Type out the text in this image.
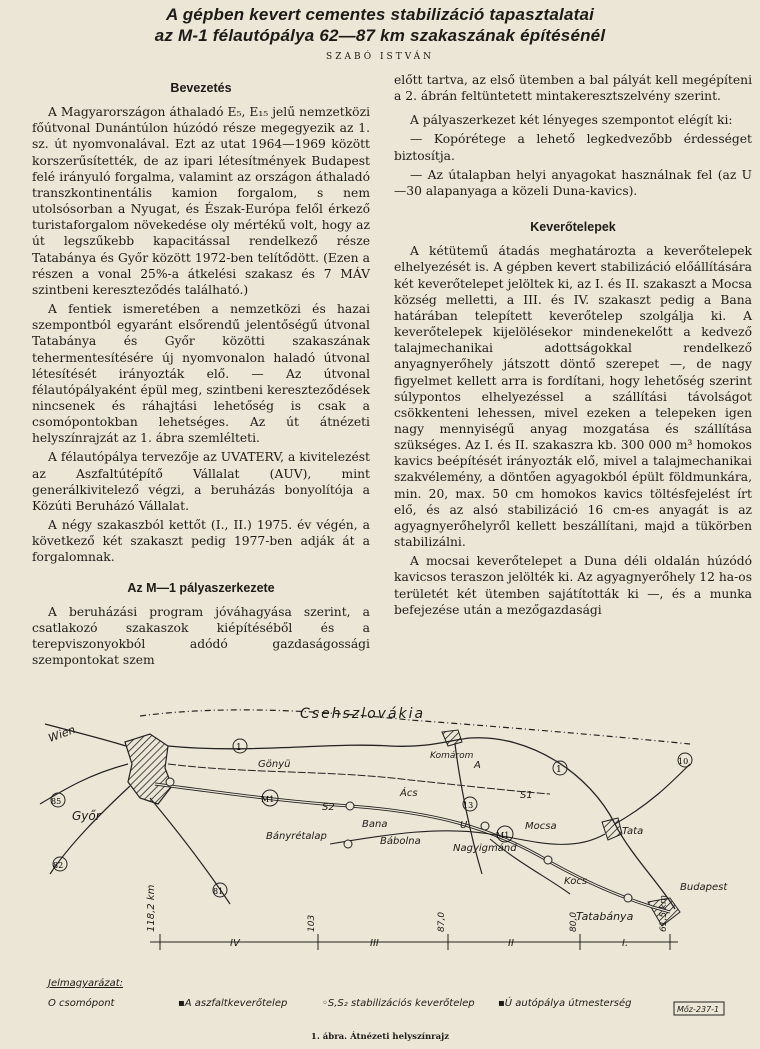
A gépben kevert cementes stabilizáció tapasztalatai
az M-1 félautópálya 62—87 km szakaszának építésénél
SZABÓ ISTVÁN
Bevezetés

A Magyarországon áthaladó E₅, E₁₅ jelű nemzetközi főútvonal Dunántúlon húzódó része megegyezik az 1. sz. út nyomvonalával. Ezt az utat 1964—1969 között korszerűsítették, de az ipari létesítmények Budapest felé irányuló forgalma, valamint az országon áthaladó transzkontinentális kamion forgalom, s nem utolsósorban a Nyugat, és Észak-Európa felől érkező turistaforgalom növekedése oly mértékű volt, hogy az út legszűkebb kapacitással rendelkező része Tatabánya és Győr között 1972-ben telítődött. (Ezen a részen a vonal 25%-a átkelési szakasz és 7 MÁV szintbeni kereszteződés található.)

A fentiek ismeretében a nemzetközi és hazai szempontból egyaránt elsőrendű jelentőségű útvonal Tatabánya és Győr közötti szakaszának tehermentesítésére új nyomvonalon haladó útvonal létesítését irányozták elő. — Az útvonal félautópályaként épül meg, szintbeni kereszteződések nincsenek és ráhajtási lehetőség is csak a csomópontokban lehetséges. Az út átnézeti helyszínrajzát az 1. ábra szemlélteti.

A félautópálya tervezője az UVATERV, a kivitelezést az Aszfaltútépítő Vállalat (AUV), mint generálkivitelező végzi, a beruházás bonyolítója a Közúti Beruházó Vállalat.

A négy szakaszból kettőt (I., II.) 1975. év végén, a következő két szakaszt pedig 1977-ben adják át a forgalomnak.

Az M—1 pályaszerkezete

A beruházási program jóváhagyása szerint, a csatlakozó szakaszok kiépítéséből és a terepviszonyokból adódó gazdaságossági szempontokat szem

előtt tartva, az első ütemben a bal pályát kell megépíteni a 2. ábrán feltüntetett mintakeresztszelvény szerint.

A pályaszerkezet két lényeges szempontot elégít ki:

— Kopórétege a lehető legkedvezőbb érdességet biztosítja.

— Az útalapban helyi anyagokat használnak fel (az U—30 alapanyaga a közeli Duna-kavics).

Keverőtelepek

A kétütemű átadás meghatározta a keverőtelepek elhelyezését is. A gépben kevert stabilizáció előállítására két keverőtelepet jelöltek ki, az I. és II. szakaszt a Mocsa község melletti, a III. és IV. szakaszt pedig a Bana határában telepített keverőtelep szolgálja ki. A keverőtelepek kijelölésekor mindenekelőtt a kedvező talajmechanikai adottságokkal rendelkező anyagnyerőhely játszott döntő szerepet —, de nagy figyelmet kellett arra is fordítani, hogy lehetőség szerint súlypontos elhelyezéssel a szállítási távolságot csökkenteni lehessen, mivel ezeken a telepeken igen nagy mennyiségű anyag mozgatása és szállítása szükséges. Az I. és II. szakaszra kb. 300 000 m³ homokos kavics beépítését irányozták elő, mivel a talajmechanikai szakvélemény, a döntően agyagokból épült földmunkára, min. 20, max. 50 cm homokos kavics töltésfejelést írt elő, és az alsó stabilizáció 16 cm-es anyagát is az agyagnyerőhelyről kellett beszállítani, majd a tükörben stabilizálni.

A mocsai keverőtelepet a Duna déli oldalán húzódó kavicsos teraszon jelölték ki. Az agyagnyerőhely 12 ha-os területét két ütemben sajátították ki —, és a munka befejezése után a mezőgazdasági

Csehszlovákia
1
1
10
13
81
82
85	M1
M1
Wien
Győr
Gönyü
Ács
Komárom
A
S2
Bana
Bányrétalap	Bábolna
U
Nagyigmánd
S1
Mocsa
Kocs
Tata
Tatabánya
Budapest
118,2 km	103	87,0	80,0	61,5 km
IV	III	II	I.
Jelmagyarázat:
O csomópont	▪A aszfaltkeverőtelep	◦S,S₂ stabilizációs keverőtelep ▪Ú autópálya útmesterség
Mőz-237-1
1. ábra. Átnézeti helyszínrajz
